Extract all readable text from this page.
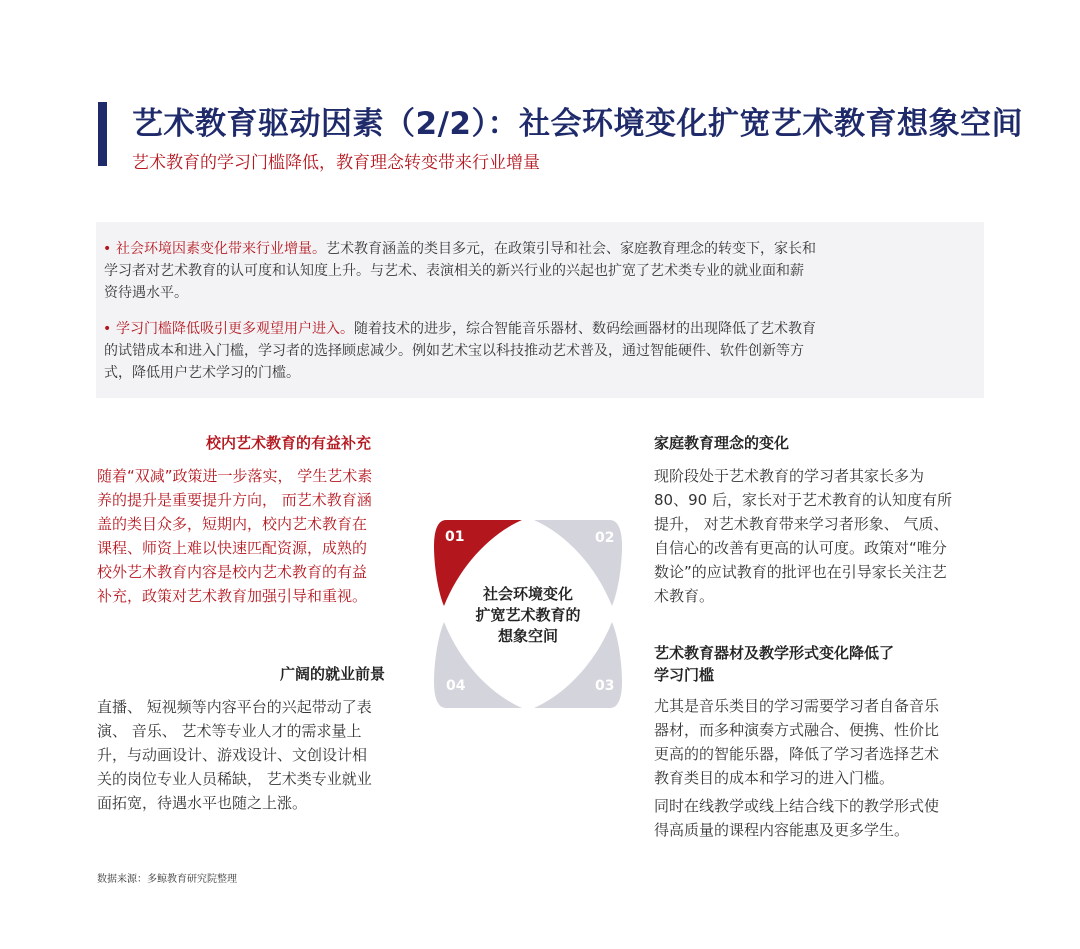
艺术教育驱动因素（2/2）：社会环境变化扩宽艺术教育想象空间
艺术教育的学习门槛降低，教育理念转变带来行业增量
• 社会环境因素变化带来行业增量。艺术教育涵盖的类目多元，在政策引导和社会、家庭教育理念的转变下，家长和
学习者对艺术教育的认可度和认知度上升。与艺术、表演相关的新兴行业的兴起也扩宽了艺术类专业的就业面和薪
资待遇水平。
• 学习门槛降低吸引更多观望用户进入。随着技术的进步，综合智能音乐器材、数码绘画器材的出现降低了艺术教育
的试错成本和进入门槛，学习者的选择顾虑减少。例如艺术宝以科技推动艺术普及，通过智能硬件、软件创新等方
式，降低用户艺术学习的门槛。
校内艺术教育的有益补充
随着“双减”政策进一步落实， 学生艺术素
养的提升是重要提升方向， 而艺术教育涵
盖的类目众多，短期内，校内艺术教育在
课程、师资上难以快速匹配资源，成熟的
校外艺术教育内容是校内艺术教育的有益
补充，政策对艺术教育加强引导和重视。
广阔的就业前景
直播、 短视频等内容平台的兴起带动了表
演、 音乐、 艺术等专业人才的需求量上
升，与动画设计、游戏设计、文创设计相
关的岗位专业人员稀缺， 艺术类专业就业
面拓宽，待遇水平也随之上涨。
家庭教育理念的变化
现阶段处于艺术教育的学习者其家长多为
80、90 后，家长对于艺术教育的认知度有所
提升， 对艺术教育带来学习者形象、 气质、
自信心的改善有更高的认可度。政策对“唯分
数论”的应试教育的批评也在引导家长关注艺
术教育。
艺术教育器材及教学形式变化降低了
学习门槛
尤其是音乐类目的学习需要学习者自备音乐
器材，而多种演奏方式融合、便携、性价比
更高的的智能乐器，降低了学习者选择艺术
教育类目的成本和学习的进入门槛。
同时在线教学或线上结合线下的教学形式使
得高质量的课程内容能惠及更多学生。
01	02
03
04
社会环境变化
扩宽艺术教育的
想象空间
数据来源：多鲸教育研究院整理
